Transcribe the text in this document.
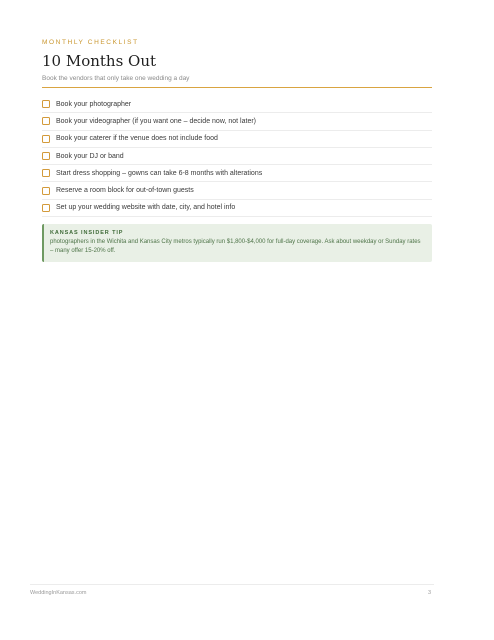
MONTHLY CHECKLIST
10 Months Out
Book the vendors that only take one wedding a day
Book your photographer
Book your videographer (if you want one – decide now, not later)
Book your caterer if the venue does not include food
Book your DJ or band
Start dress shopping – gowns can take 6-8 months with alterations
Reserve a room block for out-of-town guests
Set up your wedding website with date, city, and hotel info
KANSAS INSIDER TIP
photographers in the Wichita and Kansas City metros typically run $1,800-$4,000 for full-day coverage. Ask about weekday or Sunday rates – many offer 15-20% off.
WeddingInKansas.com	3
